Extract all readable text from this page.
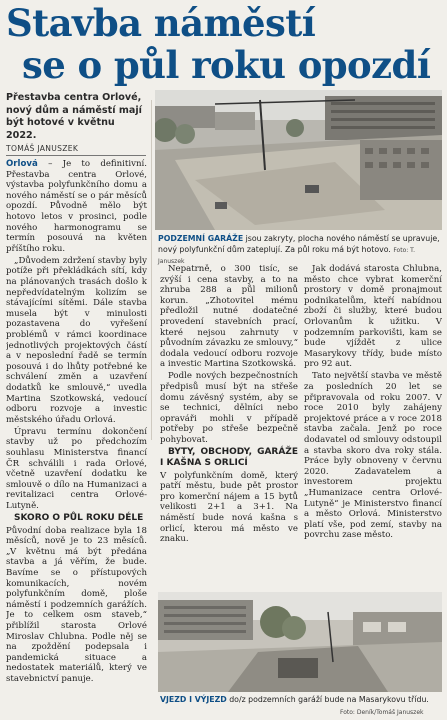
Stavba náměstí
se o půl roku opozdí
Přestavba centra Orlové, nový dům a náměstí mají být hotové v květnu 2022.
TOMÁŠ JANUSZEK

Orlová – Je to definitivní. Přestavba centra Orlové, výstavba polyfunkčního domu a nového náměstí se o pár měsíců opozdí. Původně mělo být hotovo letos v prosinci, podle nového harmonogramu se termín posouvá na květen příštího roku.

„Důvodem zdržení stavby byly potíže při překládkách sítí, kdy na plánovaných trasách došlo k nepředvídatelným kolizím se stávajícími sítěmi. Dále stavba musela být v minulosti pozastavena do vyřešení problémů v rámci koordinace jednotlivých projektových částí a v neposlední řadě se termín posouvá i do lhůty potřebné ke schválení změn a uzavření dodatků ke smlouvě,“ uvedla Martina Szotkowská, vedoucí odboru rozvoje a investic městského úřadu Orlová.

Úpravu termínu dokončení stavby už po předchozím souhlasu Ministerstva financí ČR schválili i rada Orlové, včetně uzavření dodatku ke smlouvě o dílo na Humanizaci a revitalizaci centra Orlové-Lutyně.

SKORO O PŮL ROKU DÉLE

Původní doba realizace byla 18 měsíců, nově je to 23 měsíců. „V květnu má být předána stavba a já věřím, že bude. Bavíme se o přístupových komunikacích, novém polyfunkčním domě, ploše náměstí i podzemních garážích. Je to celkem osm staveb,“ přiblížil starosta Orlové Miroslav Chlubna. Podle něj se na zpoždění podepsala i pandemická situace a nedostatek materiálů, který ve stavebnictví panuje.

PODZEMNÍ GARÁŽE jsou zakryty, plocha nového náměstí se upravuje, nový polyfunkční dům zateplují. Za půl roku má být hotovo. Foto: T. Januszek

Nepatrně, o 300 tisíc, se zvýší i cena stavby, a to na zhruba 288 a půl milionů korun. „Zhotovitel mému předložil nutné dodatečné provedení stavebních prací, které nejsou zahrnuty v původním závazku ze smlouvy,“ dodala vedoucí odboru rozvoje a investic Martina Szotkowská.

Podle nových bezpečnostních předpisů musí být na střeše domu závěsný systém, aby se se technici, dělníci nebo opraváři mohli v případě potřeby po střeše bezpečně pohybovat.

BYTY, OBCHODY, GARÁŽE I KAŠNA S ORLICÍ

V polyfunkčním domě, který patří městu, bude pět prostor pro komerční nájem a 15 bytů velikosti 2+1 a 3+1. Na náměstí bude nová kašna s orlicí, kterou má město ve znaku.

Jak dodává starosta Chlubna, město chce vybrat komerční prostory v domě pronajmout podnikatelům, kteří nabídnou zboží či služby, které budou Orlovanům k užitku. V podzemním parkovišti, kam se bude vjíždět z ulice Masarykovy třídy, bude místo pro 92 aut.

Tato největší stavba ve městě za posledních 20 let se připravovala od roku 2007. V roce 2010 byly zahájeny projektové práce a v roce 2018 stavba začala. Jenž po roce dodavatel od smlouvy odstoupil a stavba skoro dva roky stála. Práce byly obnoveny v červnu 2020. Zadavatelem a investorem projektu „Humanizace centra Orlové-Lutyně“ je Ministerstvo financí a město Orlová. Ministerstvo platí vše, pod zemí, stavby na povrchu zase město.

VJEZD I VÝJEZD do/z podzemních garáží bude na Masarykovu třídu.
Foto: Deník/Tomáš Januszek
